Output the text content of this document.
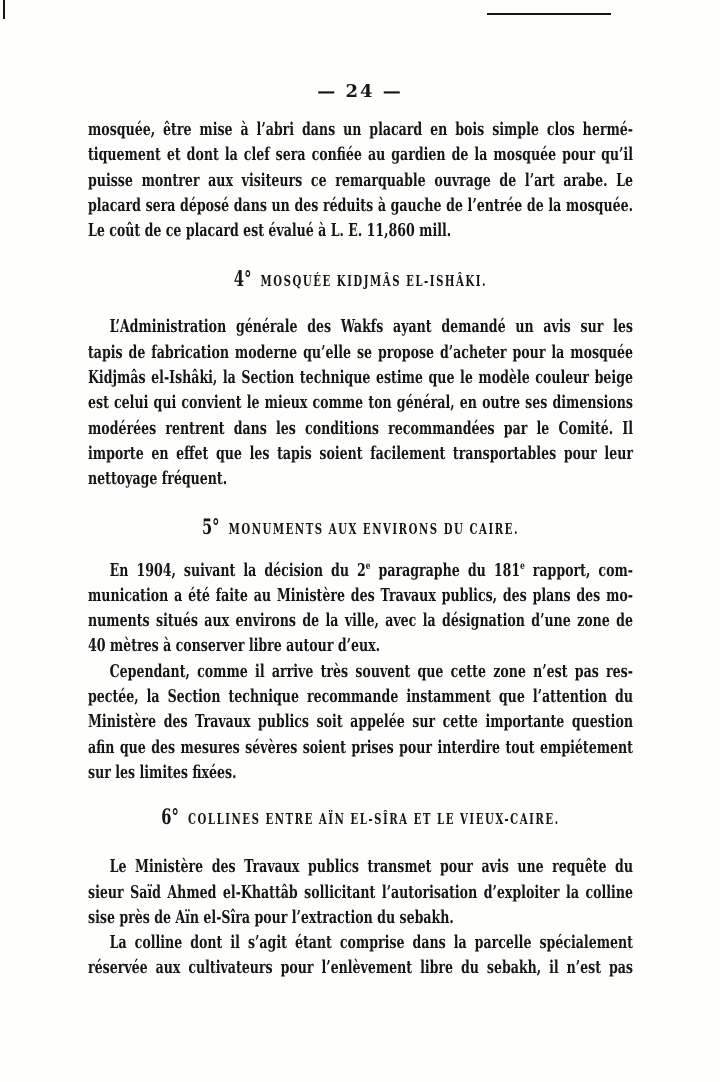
— 24 —
mosquée, être mise à l’abri dans un placard en bois simple clos hermé-
tiquement et dont la clef sera confiée au gardien de la mosquée pour qu’il
puisse montrer aux visiteurs ce remarquable ouvrage de l’art arabe. Le
placard sera déposé dans un des réduits à gauche de l’entrée de la mosquée.
Le coût de ce placard est évalué à L. E. 11,860 mill.
4° MOSQUÉE KIDJMÂS EL-ISHÂKI.
L’Administration générale des Wakfs ayant demandé un avis sur les
tapis de fabrication moderne qu’elle se propose d’acheter pour la mosquée
Kidjmâs el-Ishâki, la Section technique estime que le modèle couleur beige
est celui qui convient le mieux comme ton général, en outre ses dimensions
modérées rentrent dans les conditions recommandées par le Comité. Il
importe en effet que les tapis soient facilement transportables pour leur
nettoyage fréquent.
5° MONUMENTS AUX ENVIRONS DU CAIRE.
En 1904, suivant la décision du 2e paragraphe du 181e rapport, com-
munication a été faite au Ministère des Travaux publics, des plans des mo-
numents situés aux environs de la ville, avec la désignation d’une zone de
40 mètres à conserver libre autour d’eux.
Cependant, comme il arrive très souvent que cette zone n’est pas res-
pectée, la Section technique recommande instamment que l’attention du
Ministère des Travaux publics soit appelée sur cette importante question
afin que des mesures sévères soient prises pour interdire tout empiétement
sur les limites fixées.
6° COLLINES ENTRE AÏN EL-SÎRA ET LE VIEUX-CAIRE.
Le Ministère des Travaux publics transmet pour avis une requête du
sieur Saïd Ahmed el-Khattâb sollicitant l’autorisation d’exploiter la colline
sise près de Aïn el-Sîra pour l’extraction du sebakh.
La colline dont il s’agit étant comprise dans la parcelle spécialement
réservée aux cultivateurs pour l’enlèvement libre du sebakh, il n’est pas
